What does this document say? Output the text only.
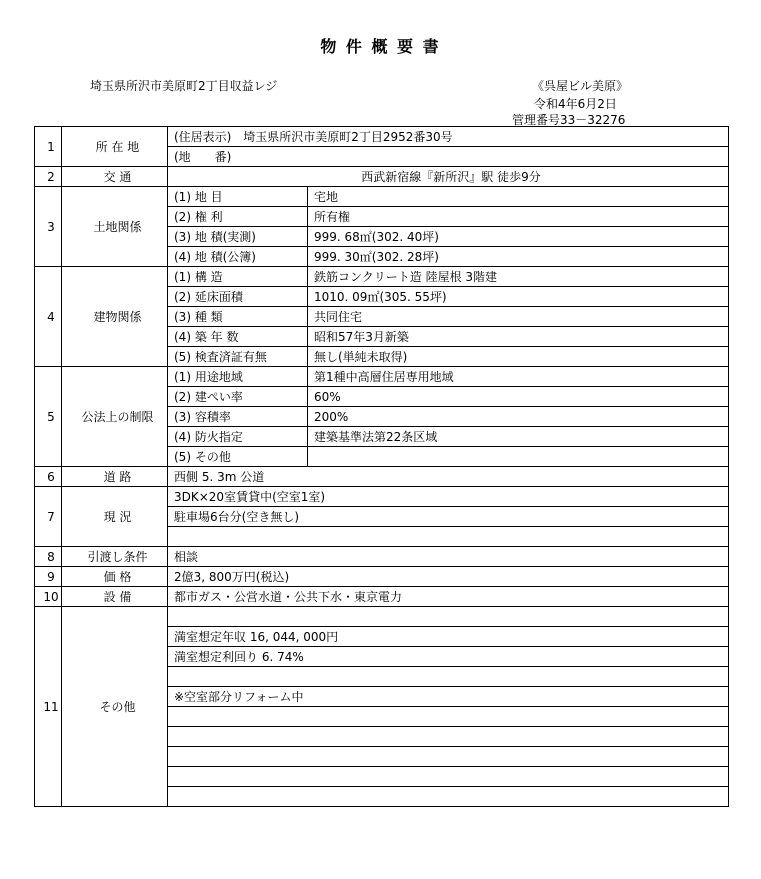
物 件 概 要 書
埼玉県所沢市美原町2丁目収益レジ	《呉屋ビル美原》
令和4年6月2日
管理番号33－32276
1	所 在 地	(住居表示) 埼玉県所沢市美原町2丁目2952番30号	
		(地　　番)	
2	交 通	西武新宿線『新所沢』駅 徒歩9分	
3	土地関係	(1) 地 目	宅地
		(2) 権 利	所有権
		(3) 地 積(実測)	999. 68㎡(302. 40坪)
		(4) 地 積(公簿)	999. 30㎡(302. 28坪)
4	建物関係	(1) 構 造	鉄筋コンクリート造 陸屋根 3階建
		(2) 延床面積	1010. 09㎡(305. 55坪)
		(3) 種 類	共同住宅
		(4) 築 年 数	昭和57年3月新築
		(5) 検査済証有無	無し(単純未取得)
5	公法上の制限	(1) 用途地域	第1種中高層住居専用地域
		(2) 建ぺい率	60%
		(3) 容積率	200%
		(4) 防火指定	建築基準法第22条区域
		(5) その他	
6	道 路	西側 5. 3m 公道	
7	現 況	3DK×20室賃貸中(空室1室)	
		駐車場6台分(空き無し)	

8	引渡し条件	相談	
9	価 格	2億3, 800万円(税込)	
10	設 備	都市ガス・公営水道・公共下水・東京電力	
11	その他		
		満室想定年収 16, 044, 000円	
		満室想定利回り 6. 74%	

		※空室部分リフォーム中	
